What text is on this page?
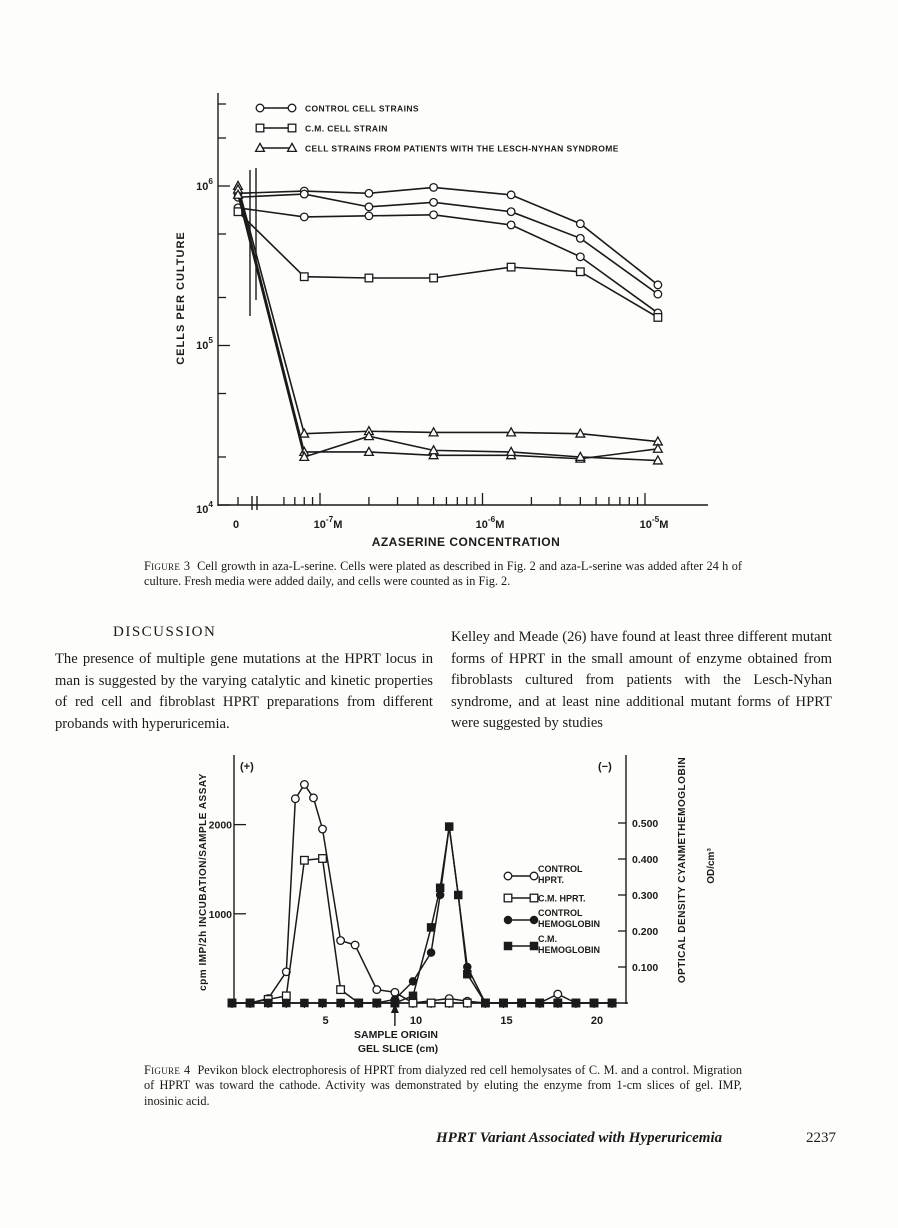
$10^6$
$10^5$
$10^4$
0	$10^{-7}M$	$10^{-6}M$	$10^{-5}M$
CONTROL CELL STRAINS
C.M. CELL STRAIN
CELL STRAINS FROM PATIENTS WITH THE LESCH-NYHAN SYNDROME
CELLS PER CULTURE
AZASERINE CONCENTRATION
Figure 3 Cell growth in aza-L-serine. Cells were plated as described in Fig. 2 and aza-L-serine was added after 24 h of culture. Fresh media were added daily, and cells were counted as in Fig. 2.
DISCUSSION
The presence of multiple gene mutations at the HPRT locus in man is suggested by the varying catalytic and kinetic properties of red cell and fibroblast HPRT preparations from different probands with hyperuricemia.
Kelley and Meade (26) have found at least three different mutant forms of HPRT in the small amount of enzyme obtained from fibroblasts cultured from patients with the Lesch-Nyhan syndrome, and at least nine additional mutant forms of HPRT were suggested by studies
2000
1000
0.500
0.400
0.300
0.200
0.100
5	10	15	20
CONTROL
HPRT.
C.M. HPRT.
CONTROL
HEMOGLOBIN
C.M.
HEMOGLOBIN
(+)	(−)
cpm IMP/2h INCUBATION/SAMPLE ASSAY	OPTICAL DENSITY CYANMETHEMOGLOBIN OD/cm³
SAMPLE ORIGIN
GEL SLICE (cm)
Figure 4 Pevikon block electrophoresis of HPRT from dialyzed red cell hemolysates of C. M. and a control. Migration of HPRT was toward the cathode. Activity was demonstrated by eluting the enzyme from 1-cm slices of gel. IMP, inosinic acid.
HPRT Variant Associated with Hyperuricemia	2237
